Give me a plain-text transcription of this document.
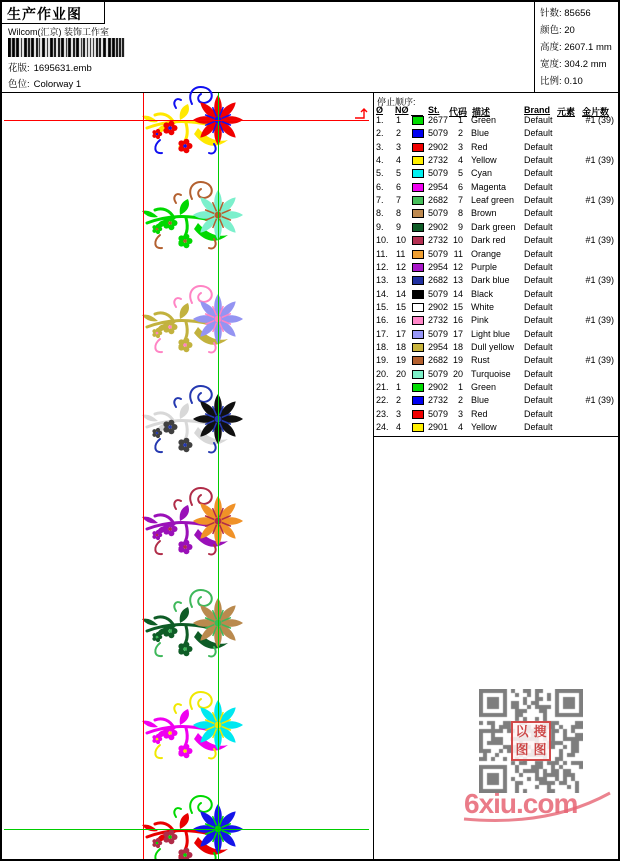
生产作业图
Wilcom(汇京) 装饰工作室
花版: 1695631.emb
色位: Colorway 1
针数: 85656
颜色: 20
高度: 2607.1 mm
宽度: 304.2 mm
比例: 0.10
停止顺序:
Ø NØ St. 代码 描述	Brand 元素 金片数
1.	1	2677	1 Green	Default	#1 (39)
2.	2	5079	2 Blue	Default
3.	3	2902	3 Red	Default
4.	4	2732	4 Yellow	Default	#1 (39)
5.	5	5079	5 Cyan	Default
6.	6	2954	6 Magenta	Default
7.	7	2682	7 Leaf green	Default	#1 (39)
8.	8	5079	8 Brown	Default
9.	9	2902	9 Dark green Default
10. 10	2732 10 Dark red	Default	#1 (39)
11. 11	5079 11 Orange	Default
12. 12	2954 12 Purple	Default
13. 13	2682 13 Dark blue	Default	#1 (39)
14. 14	5079 14 Black	Default
15. 15	2902 15 White	Default
16. 16	2732 16 Pink	Default	#1 (39)
17. 17	5079 17 Light blue	Default
18. 18	2954 18 Dull yellow	Default
19. 19	2682 19 Rust	Default	#1 (39)
20. 20	5079 20 Turquoise	Default
21. 1	2902	1 Green	Default
22. 2	2732	2 Blue	Default	#1 (39)
23. 3	5079	3 Red	Default
24. 4	2901	4 Yellow	Default
以 搜
图 图
6xiu.com
